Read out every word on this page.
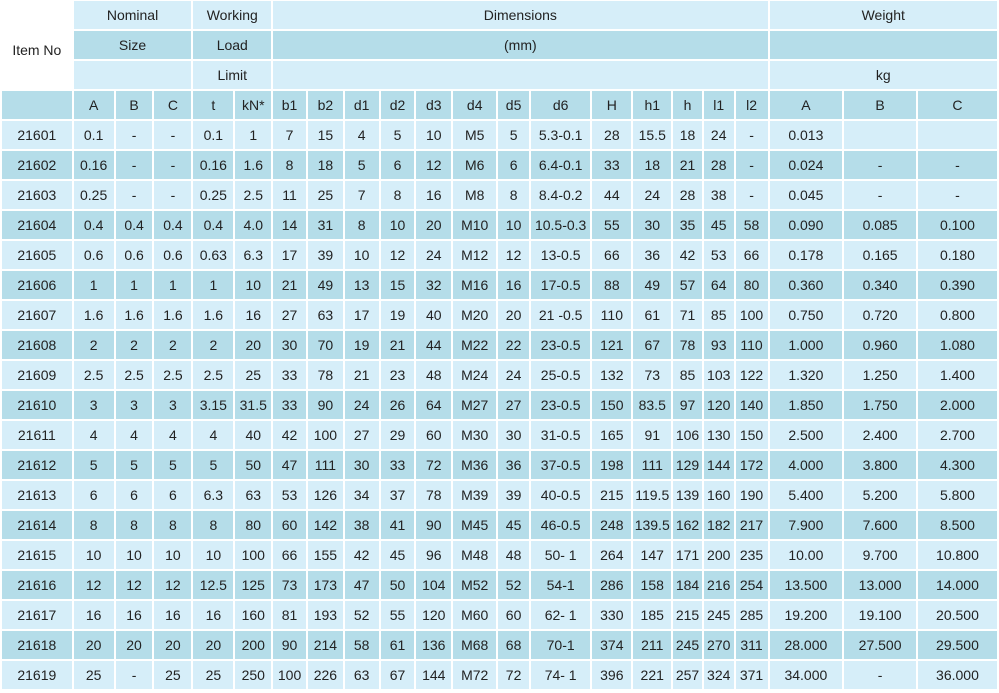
Item No	Nominal			Working		Dimensions													Weight		
	Size			Load		(mm)															
				Limit															kg		
	A	B	C	t	kN*	b1	b2	d1	d2	d3	d4	d5	d6	H	h1	h	l1	l2	A	B	C
21601	0.1	-	-	0.1	1	7	15	4	5	10	M5	5	5.3-0.1	28	15.5	18	24	-	0.013		
21602	0.16	-	-	0.16	1.6	8	18	5	6	12	M6	6	6.4-0.1	33	18	21	28	-	0.024	-	-
21603	0.25	-	-	0.25	2.5	11	25	7	8	16	M8	8	8.4-0.2	44	24	28	38	-	0.045	-	-
21604	0.4	0.4	0.4	0.4	4.0	14	31	8	10	20	M10	10	10.5-0.3	55	30	35	45	58	0.090	0.085	0.100
21605	0.6	0.6	0.6	0.63	6.3	17	39	10	12	24	M12	12	13-0.5	66	36	42	53	66	0.178	0.165	0.180
21606	1	1	1	1	10	21	49	13	15	32	M16	16	17-0.5	88	49	57	64	80	0.360	0.340	0.390
21607	1.6	1.6	1.6	1.6	16	27	63	17	19	40	M20	20	21 -0.5	110	61	71	85	100	0.750	0.720	0.800
21608	2	2	2	2	20	30	70	19	21	44	M22	22	23-0.5	121	67	78	93	110	1.000	0.960	1.080
21609	2.5	2.5	2.5	2.5	25	33	78	21	23	48	M24	24	25-0.5	132	73	85	103	122	1.320	1.250	1.400
21610	3	3	3	3.15	31.5	33	90	24	26	64	M27	27	23-0.5	150	83.5	97	120	140	1.850	1.750	2.000
21611	4	4	4	4	40	42	100	27	29	60	M30	30	31-0.5	165	91	106	130	150	2.500	2.400	2.700
21612	5	5	5	5	50	47	111	30	33	72	M36	36	37-0.5	198	111	129	144	172	4.000	3.800	4.300
21613	6	6	6	6.3	63	53	126	34	37	78	M39	39	40-0.5	215	119.5	139	160	190	5.400	5.200	5.800
21614	8	8	8	8	80	60	142	38	41	90	M45	45	46-0.5	248	139.5	162	182	217	7.900	7.600	8.500
21615	10	10	10	10	100	66	155	42	45	96	M48	48	50- 1	264	147	171	200	235	10.00	9.700	10.800
21616	12	12	12	12.5	125	73	173	47	50	104	M52	52	54-1	286	158	184	216	254	13.500	13.000	14.000
21617	16	16	16	16	160	81	193	52	55	120	M60	60	62- 1	330	185	215	245	285	19.200	19.100	20.500
21618	20	20	20	20	200	90	214	58	61	136	M68	68	70-1	374	211	245	270	311	28.000	27.500	29.500
21619	25	-	25	25	250	100	226	63	67	144	M72	72	74- 1	396	221	257	324	371	34.000	-	36.000
